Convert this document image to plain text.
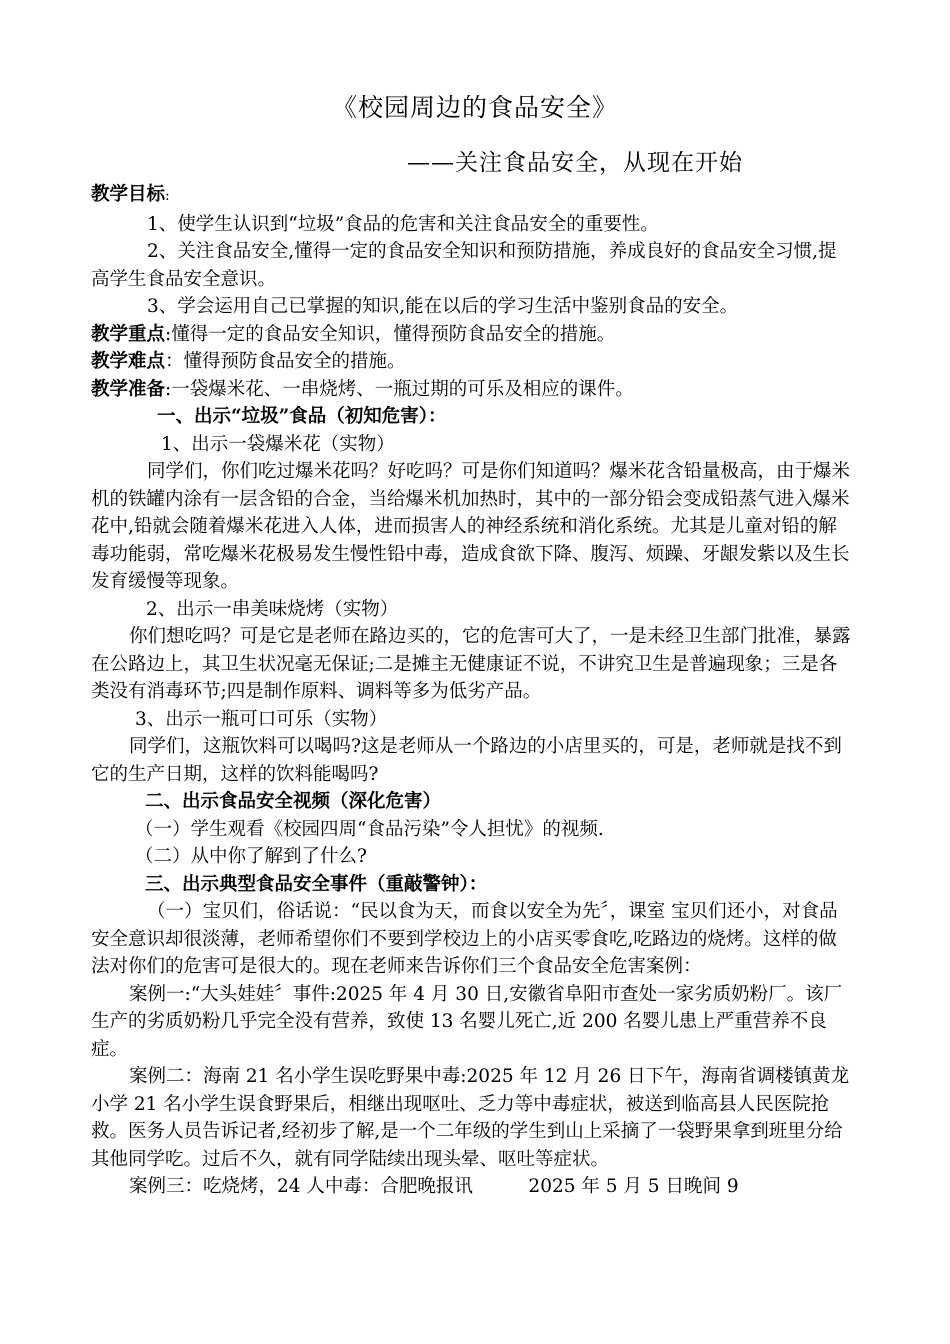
《校园周边的食品安全》
——关注食品安全，从现在开始

教学目标:

1、使学生认识到“垃圾”食品的危害和关注食品安全的重要性。

2、关注食品安全,懂得一定的食品安全知识和预防措施，养成良好的食品安全习惯,提高学生食品安全意识。

3、学会运用自己已掌握的知识,能在以后的学习生活中鉴别食品的安全。

教学重点:懂得一定的食品安全知识，懂得预防食品安全的措施。

教学难点：懂得预防食品安全的措施。

教学准备:一袋爆米花、一串烧烤、一瓶过期的可乐及相应的课件。

一、出示“垃圾”食品（初知危害）：

1、出示一袋爆米花（实物）

同学们，你们吃过爆米花吗？好吃吗？可是你们知道吗？爆米花含铅量极高，由于爆米机的铁罐内涂有一层含铅的合金，当给爆米机加热时，其中的一部分铅会变成铅蒸气进入爆米花中,铅就会随着爆米花进入人体，进而损害人的神经系统和消化系统。尤其是儿童对铅的解毒功能弱，常吃爆米花极易发生慢性铅中毒，造成食欲下降、腹泻、烦躁、牙龈发紫以及生长发育缓慢等现象。

2、出示一串美味烧烤（实物）

你们想吃吗？可是它是老师在路边买的，它的危害可大了，一是未经卫生部门批准，暴露在公路边上，其卫生状况毫无保证;二是摊主无健康证不说，不讲究卫生是普遍现象；三是各类没有消毒环节;四是制作原料、调料等多为低劣产品。

3、出示一瓶可口可乐（实物）

同学们，这瓶饮料可以喝吗?这是老师从一个路边的小店里买的，可是，老师就是找不到它的生产日期，这样的饮料能喝吗?

二、出示食品安全视频（深化危害）

（一）学生观看《校园四周“食品污染”令人担忧》的视频.

（二）从中你了解到了什么?

三、出示典型食品安全事件（重敲警钟）：

（一）宝贝们，俗话说：“民以食为天，而食以安全为先〞，课室 宝贝们还小，对食品安全意识却很淡薄，老师希望你们不要到学校边上的小店买零食吃,吃路边的烧烤。这样的做法对你们的危害可是很大的。现在老师来告诉你们三个食品安全危害案例：

案例一:“大头娃娃〞事件:2025 年 4 月 30 日,安徽省阜阳市查处一家劣质奶粉厂。该厂生产的劣质奶粉几乎完全没有营养，致使 13 名婴儿死亡,近 200 名婴儿患上严重营养不良症。

案例二：海南 21 名小学生误吃野果中毒:2025 年 12 月 26 日下午，海南省调楼镇黄龙小学 21 名小学生误食野果后，相继出现呕吐、乏力等中毒症状，被送到临高县人民医院抢救。医务人员告诉记者,经初步了解,是一个二年级的学生到山上采摘了一袋野果拿到班里分给其他同学吃。过后不久，就有同学陆续出现头晕、呕吐等症状。

案例三：吃烧烤，24 人中毒：合肥晚报讯　　　2025 年 5 月 5 日晚间 9
